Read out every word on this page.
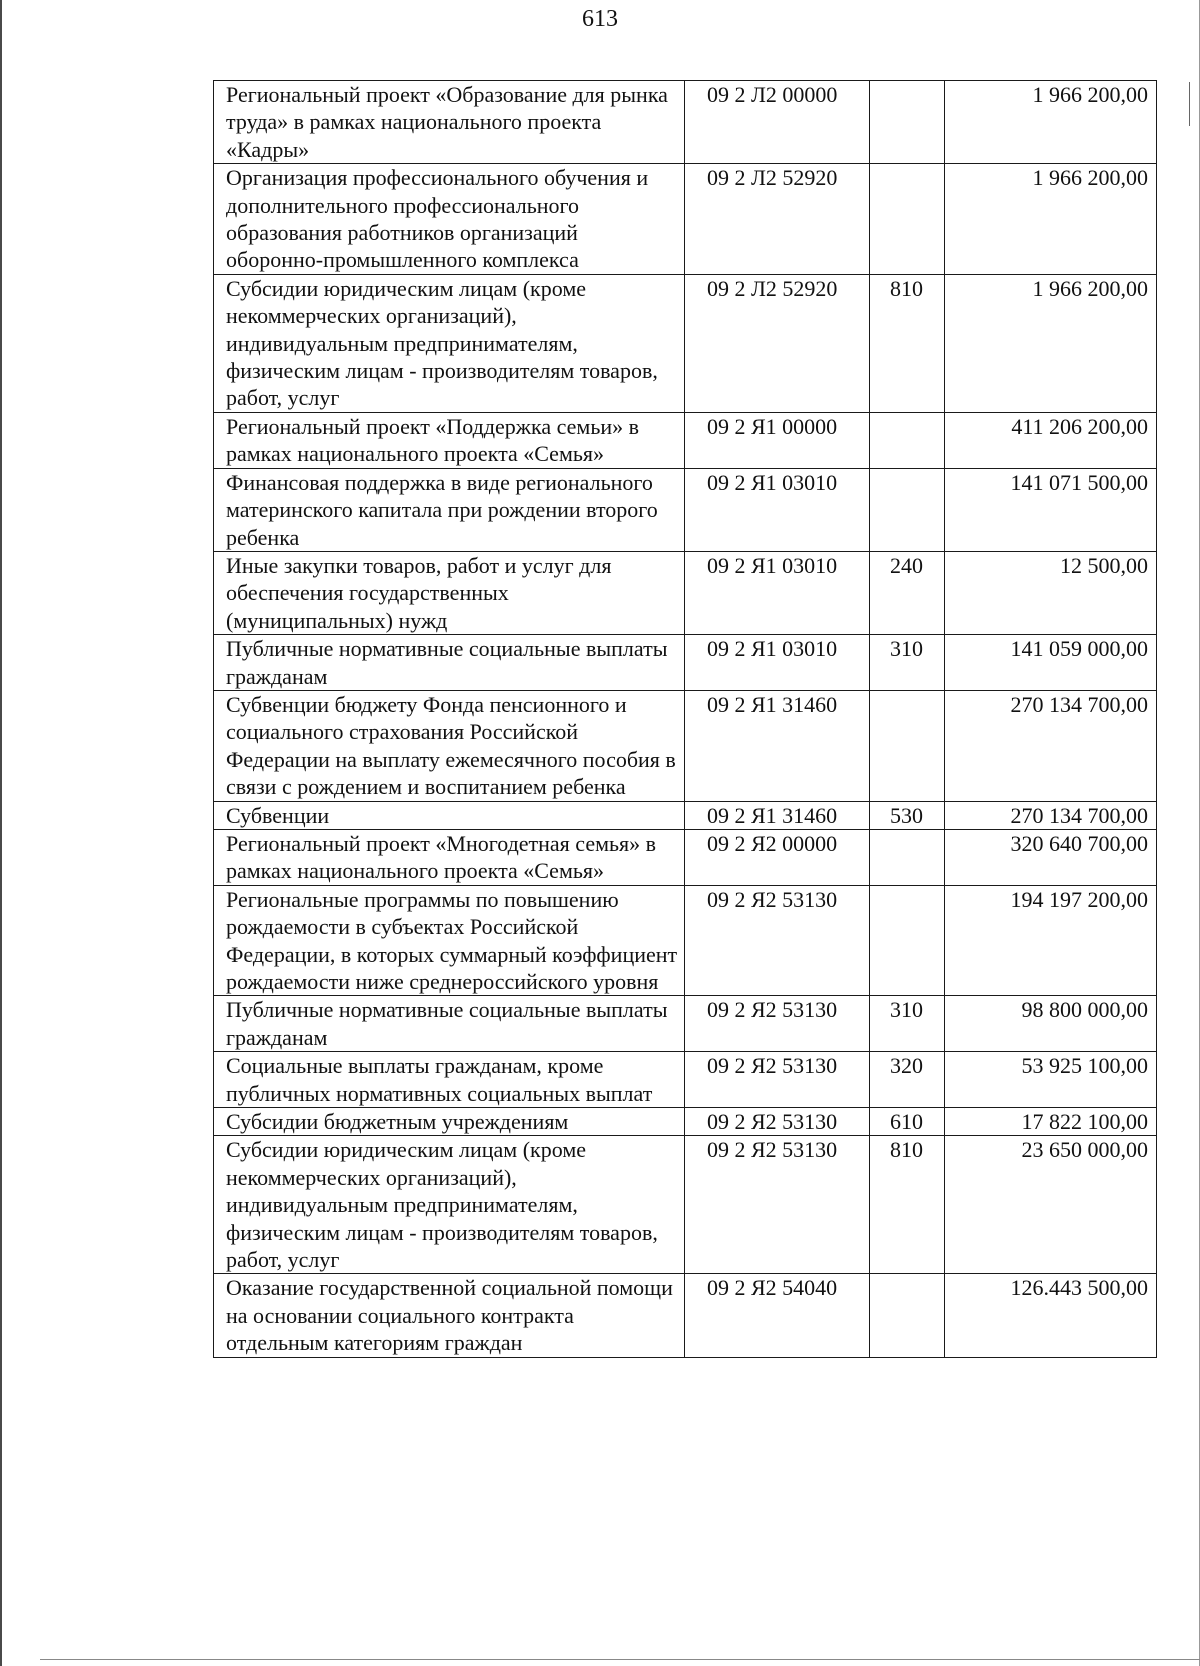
613
Региональный проект «Образование для рынка труда» в рамках национального проекта «Кадры»	09 2 Л2 00000		1 966 200,00
Организация профессионального обучения и дополнительного профессионального образования работников организаций оборонно-промышленного комплекса	09 2 Л2 52920		1 966 200,00
Субсидии юридическим лицам (кроме некоммерческих организаций), индивидуальным предпринимателям, физическим лицам - производителям товаров, работ, услуг	09 2 Л2 52920	810	1 966 200,00
Региональный проект «Поддержка семьи» в рамках национального проекта «Семья»	09 2 Я1 00000		411 206 200,00
Финансовая поддержка в виде регионального материнского капитала при рождении второго ребенка	09 2 Я1 03010		141 071 500,00
Иные закупки товаров, работ и услуг для обеспечения государственных (муниципальных) нужд	09 2 Я1 03010	240	12 500,00
Публичные нормативные социальные выплаты гражданам	09 2 Я1 03010	310	141 059 000,00
Субвенции бюджету Фонда пенсионного и социального страхования Российской Федерации на выплату ежемесячного пособия в связи с рождением и воспитанием ребенка	09 2 Я1 31460		270 134 700,00
Субвенции	09 2 Я1 31460	530	270 134 700,00
Региональный проект «Многодетная семья» в рамках национального проекта «Семья»	09 2 Я2 00000		320 640 700,00
Региональные программы по повышению рождаемости в субъектах Российской Федерации, в которых суммарный коэффициент рождаемости ниже среднероссийского уровня	09 2 Я2 53130		194 197 200,00
Публичные нормативные социальные выплаты гражданам	09 2 Я2 53130	310	98 800 000,00
Социальные выплаты гражданам, кроме публичных нормативных социальных выплат	09 2 Я2 53130	320	53 925 100,00
Субсидии бюджетным учреждениям	09 2 Я2 53130	610	17 822 100,00
Субсидии юридическим лицам (кроме некоммерческих организаций), индивидуальным предпринимателям, физическим лицам - производителям товаров, работ, услуг	09 2 Я2 53130	810	23 650 000,00
Оказание государственной социальной помощи на основании социального контракта отдельным категориям граждан	09 2 Я2 54040		126.443 500,00
